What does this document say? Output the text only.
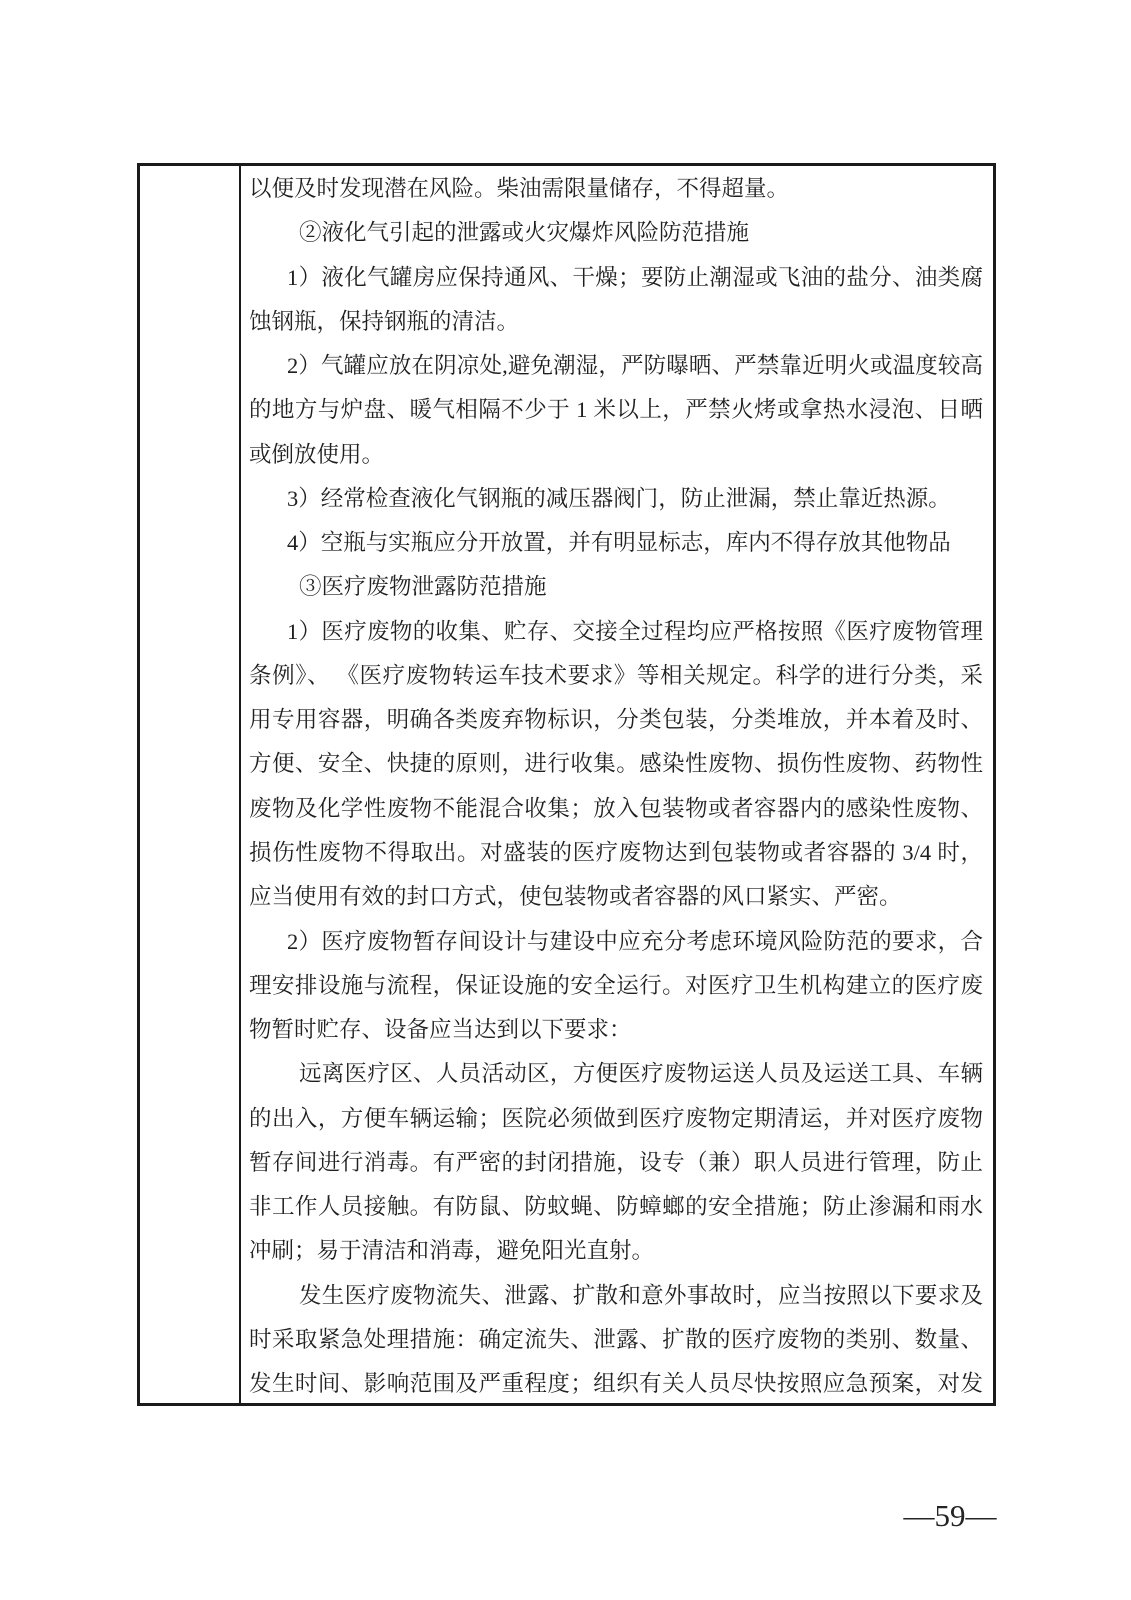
以便及时发现潜在风险。柴油需限量储存，不得超量。
②液化气引起的泄露或火灾爆炸风险防范措施
1）液化气罐房应保持通风、干燥；要防止潮湿或飞油的盐分、油类腐
蚀钢瓶，保持钢瓶的清洁。
2）气罐应放在阴凉处,避免潮湿，严防曝晒、严禁靠近明火或温度较高
的地方与炉盘、暖气相隔不少于 1 米以上，严禁火烤或拿热水浸泡、日晒
或倒放使用。
3）经常检查液化气钢瓶的减压器阀门，防止泄漏，禁止靠近热源。
4）空瓶与实瓶应分开放置，并有明显标志，库内不得存放其他物品
③医疗废物泄露防范措施
1）医疗废物的收集、贮存、交接全过程均应严格按照《医疗废物管理
条例》、 《医疗废物转运车技术要求》等相关规定。科学的进行分类，采
用专用容器，明确各类废弃物标识，分类包装，分类堆放，并本着及时、
方便、安全、快捷的原则，进行收集。感染性废物、损伤性废物、药物性
废物及化学性废物不能混合收集；放入包装物或者容器内的感染性废物、
损伤性废物不得取出。对盛装的医疗废物达到包装物或者容器的 3/4 时，
应当使用有效的封口方式，使包装物或者容器的风口紧实、严密。
2）医疗废物暂存间设计与建设中应充分考虑环境风险防范的要求，合
理安排设施与流程，保证设施的安全运行。对医疗卫生机构建立的医疗废
物暂时贮存、设备应当达到以下要求：
远离医疗区、人员活动区，方便医疗废物运送人员及运送工具、车辆
的出入，方便车辆运输；医院必须做到医疗废物定期清运，并对医疗废物
暂存间进行消毒。有严密的封闭措施，设专（兼）职人员进行管理，防止
非工作人员接触。有防鼠、防蚊蝇、防蟑螂的安全措施；防止渗漏和雨水
冲刷；易于清洁和消毒，避免阳光直射。
发生医疗废物流失、泄露、扩散和意外事故时，应当按照以下要求及
时采取紧急处理措施：确定流失、泄露、扩散的医疗废物的类别、数量、
发生时间、影响范围及严重程度；组织有关人员尽快按照应急预案，对发
—59—
